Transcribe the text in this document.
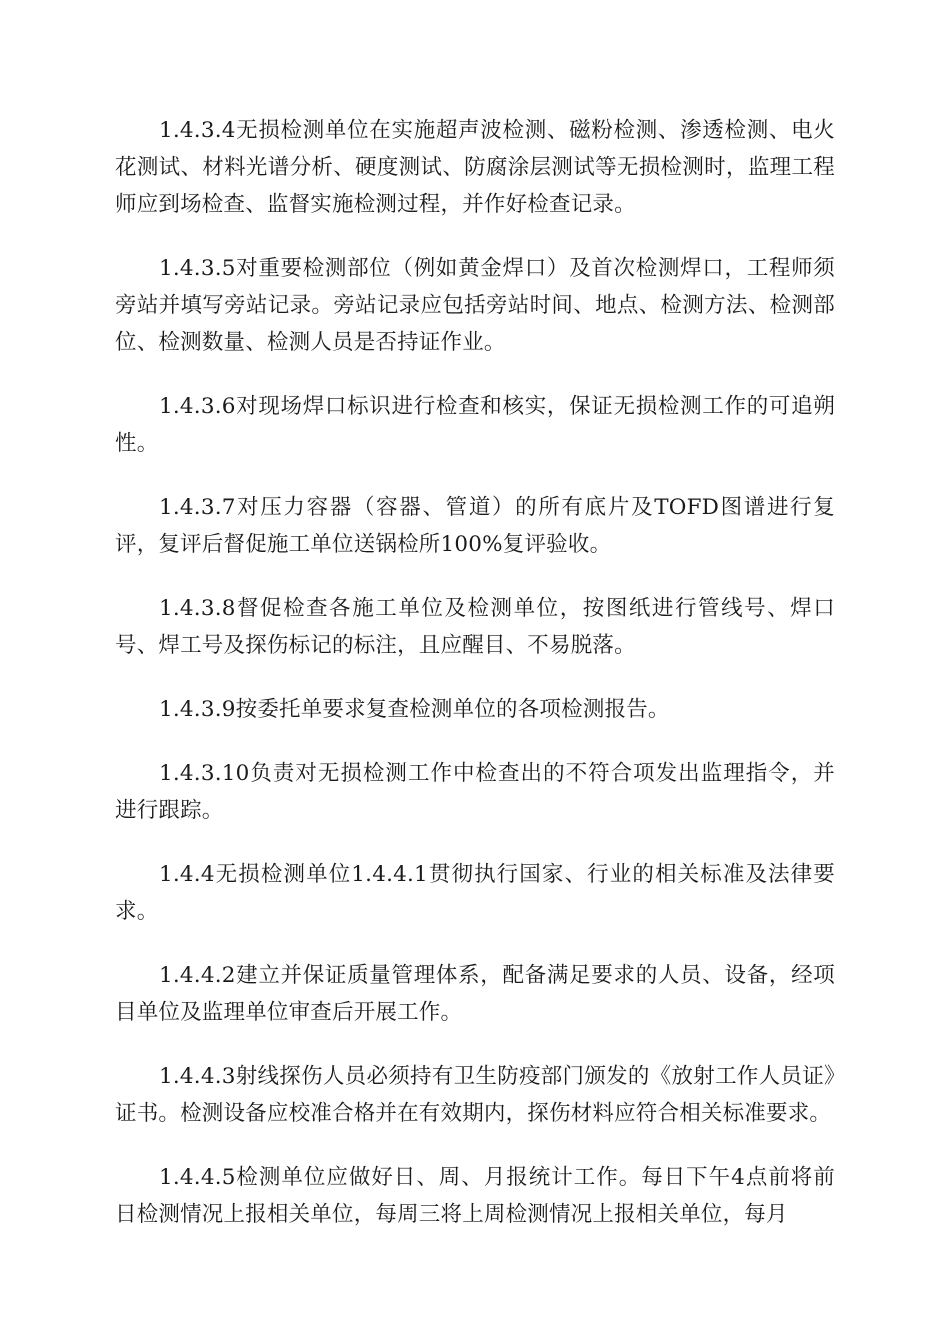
1.4.3.4无损检测单位在实施超声波检测、磁粉检测、渗透检测、电火花测试、材料光谱分析、硬度测试、防腐涂层测试等无损检测时，监理工程师应到场检查、监督实施检测过程，并作好检查记录。

1.4.3.5对重要检测部位（例如黄金焊口）及首次检测焊口，工程师须旁站并填写旁站记录。旁站记录应包括旁站时间、地点、检测方法、检测部位、检测数量、检测人员是否持证作业。

1.4.3.6对现场焊口标识进行检查和核实，保证无损检测工作的可追朔性。

1.4.3.7对压力容器（容器、管道）的所有底片及TOFD图谱进行复评，复评后督促施工单位送锅检所100%复评验收。

1.4.3.8督促检查各施工单位及检测单位，按图纸进行管线号、焊口号、焊工号及探伤标记的标注，且应醒目、不易脱落。

1.4.3.9按委托单要求复查检测单位的各项检测报告。

1.4.3.10负责对无损检测工作中检查出的不符合项发出监理指令，并进行跟踪。

1.4.4无损检测单位1.4.4.1贯彻执行国家、行业的相关标准及法律要求。

1.4.4.2建立并保证质量管理体系，配备满足要求的人员、设备，经项目单位及监理单位审查后开展工作。

1.4.4.3射线探伤人员必须持有卫生防疫部门颁发的《放射工作人员证》证书。检测设备应校准合格并在有效期内，探伤材料应符合相关标准要求。

1.4.4.5检测单位应做好日、周、月报统计工作。每日下午4点前将前日检测情况上报相关单位，每周三将上周检测情况上报相关单位，每月
